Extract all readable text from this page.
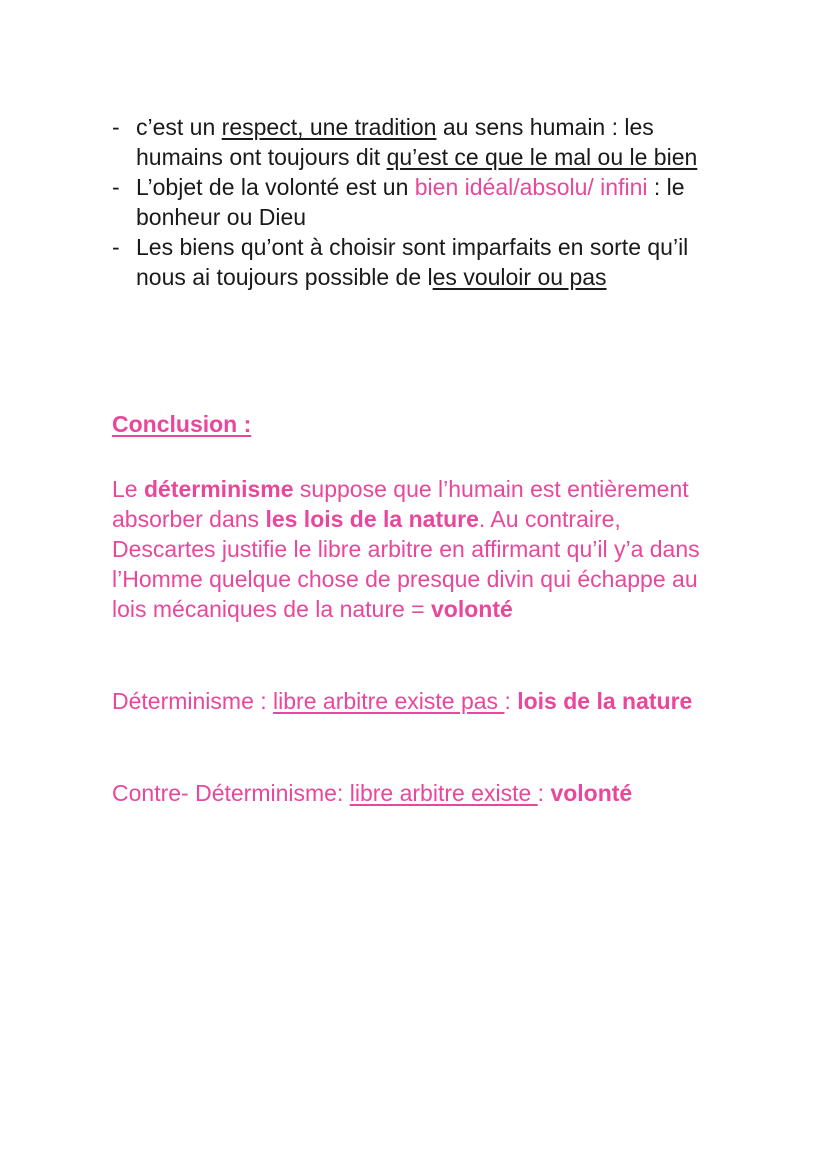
- c’est un respect, une tradition au sens humain : les humains ont toujours dit qu’est ce que le mal ou le bien
- L’objet de la volonté est un bien idéal/absolu/ infini : le bonheur ou Dieu
- Les biens qu’ont à choisir sont imparfaits en sorte qu’il nous ai toujours possible de les vouloir ou pas
Conclusion :

Le déterminisme suppose que l’humain est entièrement absorber dans les lois de la nature. Au contraire, Descartes justifie le libre arbitre en affirmant qu’il y’a dans l’Homme quelque chose de presque divin qui échappe au lois mécaniques de la nature = volonté

Déterminisme : libre arbitre existe pas : lois de la nature

Contre- Déterminisme: libre arbitre existe : volonté
